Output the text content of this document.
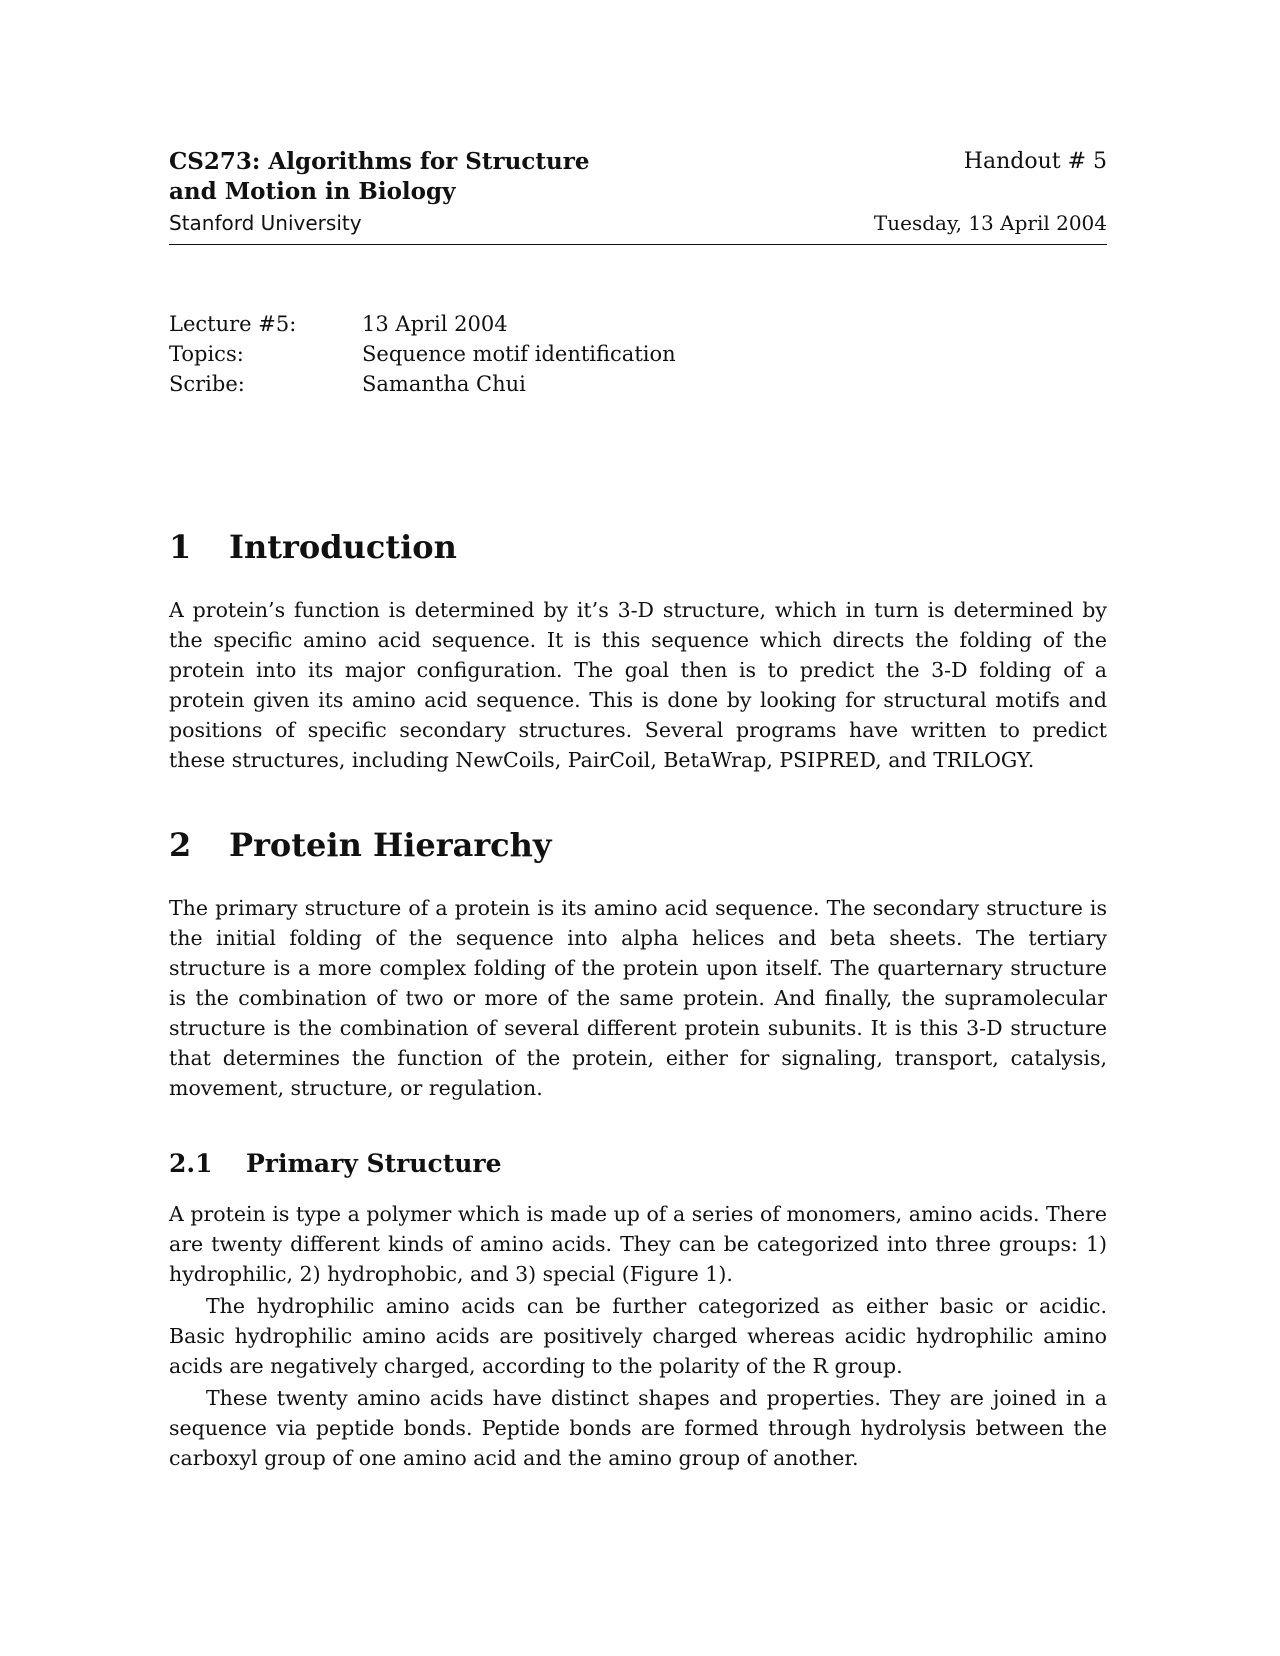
CS273: Algorithms for Structure
and Motion in Biology
Handout # 5
Stanford University	Tuesday, 13 April 2004
Lecture #5:	13 April 2004
Topics:	Sequence motif identification
Scribe:	Samantha Chui
1 Introduction

A protein’s function is determined by it’s 3-D structure, which in turn is determined by the specific amino acid sequence. It is this sequence which directs the folding of the protein into its major configuration. The goal then is to predict the 3-D folding of a protein given its amino acid sequence. This is done by looking for structural motifs and positions of specific secondary structures. Several programs have written to predict these structures, including NewCoils, PairCoil, BetaWrap, PSIPRED, and TRILOGY.

2 Protein Hierarchy

The primary structure of a protein is its amino acid sequence. The secondary structure is the initial folding of the sequence into alpha helices and beta sheets. The tertiary structure is a more complex folding of the protein upon itself. The quarternary structure is the combination of two or more of the same protein. And finally, the supramolecular structure is the combination of several different protein subunits. It is this 3-D structure that determines the function of the protein, either for signaling, transport, catalysis, movement, structure, or regulation.

2.1 Primary Structure

A protein is type a polymer which is made up of a series of monomers, amino acids. There are twenty different kinds of amino acids. They can be categorized into three groups: 1) hydrophilic, 2) hydrophobic, and 3) special (Figure 1).

The hydrophilic amino acids can be further categorized as either basic or acidic. Basic hydrophilic amino acids are positively charged whereas acidic hydrophilic amino acids are negatively charged, according to the polarity of the R group.

These twenty amino acids have distinct shapes and properties. They are joined in a sequence via peptide bonds. Peptide bonds are formed through hydrolysis between the carboxyl group of one amino acid and the amino group of another.
